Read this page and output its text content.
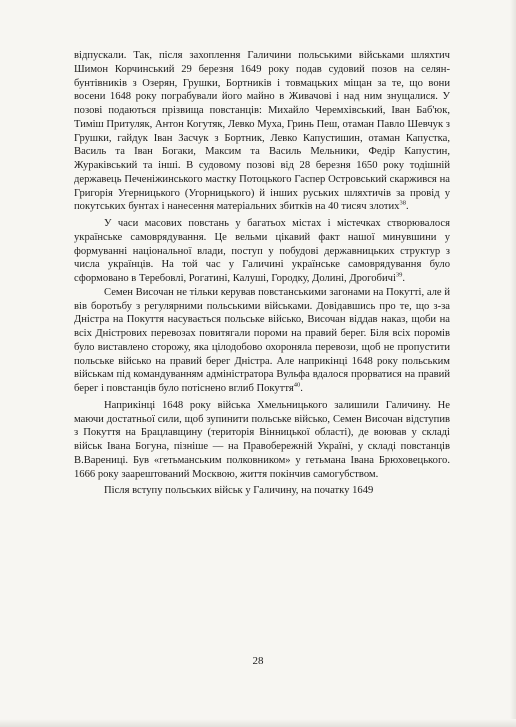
відпускали. Так, після захоплення Галичини польськими військами шляхтич Шимон Корчинський 29 березня 1649 року подав судовий позов на селян- бунтівників з Озерян, Грушки, Бортників і товмацьких міщан за те, що вони восени 1648 року пограбували його майно в Живачові і над ним знущалися. У позові подаються прізвища повстанців: Михайло Черемхівський, Іван Баб'юк, Тиміш Притуляк, Антон Когутяк, Левко Муха, Гринь Пеш, отаман Павло Шевчук з Грушки, гайдук Іван Засчук з Бортник, Левко Капустишин, отаман Капустка, Василь та Іван Богаки, Максим та Василь Мельники, Федір Капустин, Жураківський та інші. В судовому позові від 28 березня 1650 року тодішній державець Печеніжинського мастку Потоцького Гаспер Островський скаржився на Григорія Угерницького (Угорницького) й інших руських шляхтичів за провід у покутських бунтах і нанесення матеріальних збитків на 40 тисяч злотих$^{38}$.

У часи масових повстань у багатьох містах і містечках створювалося українське самоврядування. Це вельми цікавий факт нашої минувшини у формуванні національної влади, поступ у побудові державницьких структур з числа українців. На той час у Галичині українське самоврядування було сформовано в Теребовлі, Рогатині, Калуші, Городку, Долині, Дрогобичі$^{39}$.

Семен Височан не тільки керував повстанськими загонами на Покутті, але й вів боротьбу з регулярними польськими військами. Довідавшись про те, що з-за Дністра на Покуття насувається польське військо, Височан віддав наказ, щоби на всіх Дністрових перевозах повитягали пороми на правий берег. Біля всіх поромів було виставлено сторожу, яка цілодобово охороняла перевози, щоб не пропустити польське військо на правий берег Дністра. Але наприкінці 1648 року польським військам під командуванням адміністратора Вульфа вдалося прорватися на правий берег і повстанців було потіснено вглиб Покуття$^{40}$.

Наприкінці 1648 року війська Хмельницького залишили Галичину. Не маючи достатньої сили, щоб зупинити польське військо, Семен Височан відступив з Покуття на Брацлавщину (територія Вінницької області), де воював у складі військ Івана Богуна, пізніше — на Правобережній Україні, у складі повстанців В.Варениці. Був «гетьманським полковником» у гетьмана Івана Брюховецького. 1666 року заарештований Москвою, життя покінчив самогубством.

Після вступу польських військ у Галичину, на початку 1649

28
